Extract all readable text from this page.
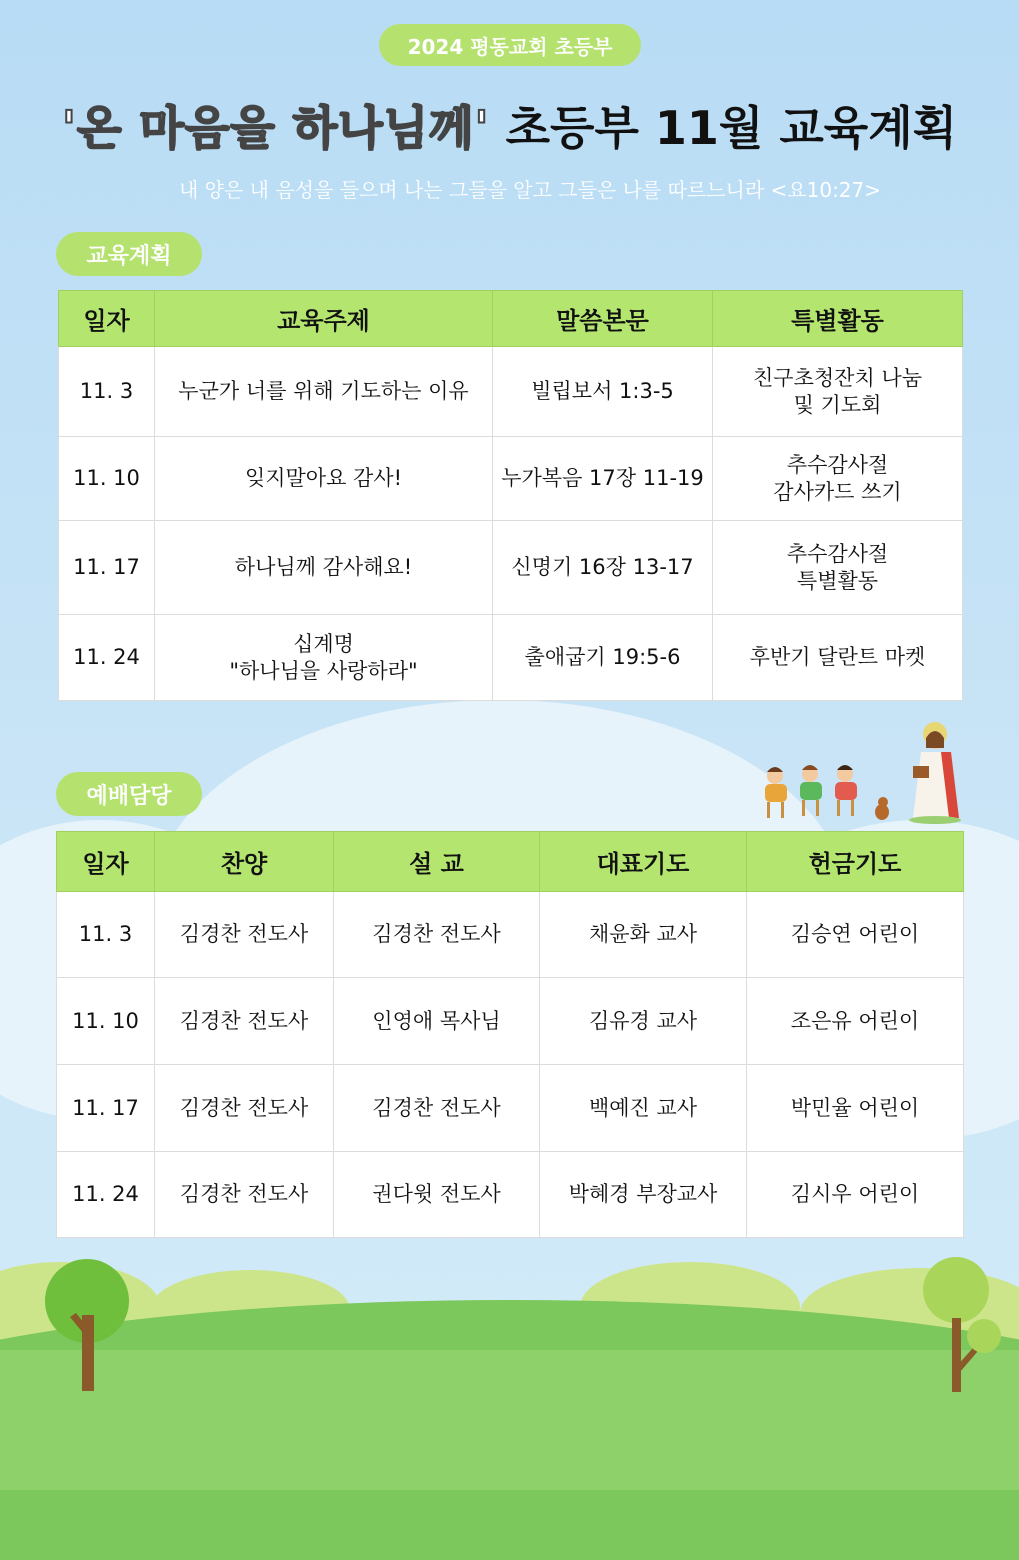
2024 평동교회 초등부
'온 마음을 하나님께' 초등부 11월 교육계획
내 양은 내 음성을 들으며 나는 그들을 알고 그들은 나를 따르느니라 <요10:27>
교육계획
일자	교육주제	말씀본문	특별활동
11. 3	누군가 너를 위해 기도하는 이유	빌립보서 1:3-5	친구초청잔치 나눔
및 기도회
11. 10	잊지말아요 감사!	누가복음 17장 11-19	추수감사절
감사카드 쓰기
11. 17	하나님께 감사해요!	신명기 16장 13-17	추수감사절
특별활동
11. 24	십계명
"하나님을 사랑하라"	출애굽기 19:5-6	후반기 달란트 마켓
예배담당
일자	찬양	설 교	대표기도	헌금기도
11. 3	김경찬 전도사	김경찬 전도사	채윤화 교사	김승연 어린이
11. 10	김경찬 전도사	인영애 목사님	김유경 교사	조은유 어린이
11. 17	김경찬 전도사	김경찬 전도사	백예진 교사	박민율 어린이
11. 24	김경찬 전도사	권다윗 전도사	박혜경 부장교사	김시우 어린이
